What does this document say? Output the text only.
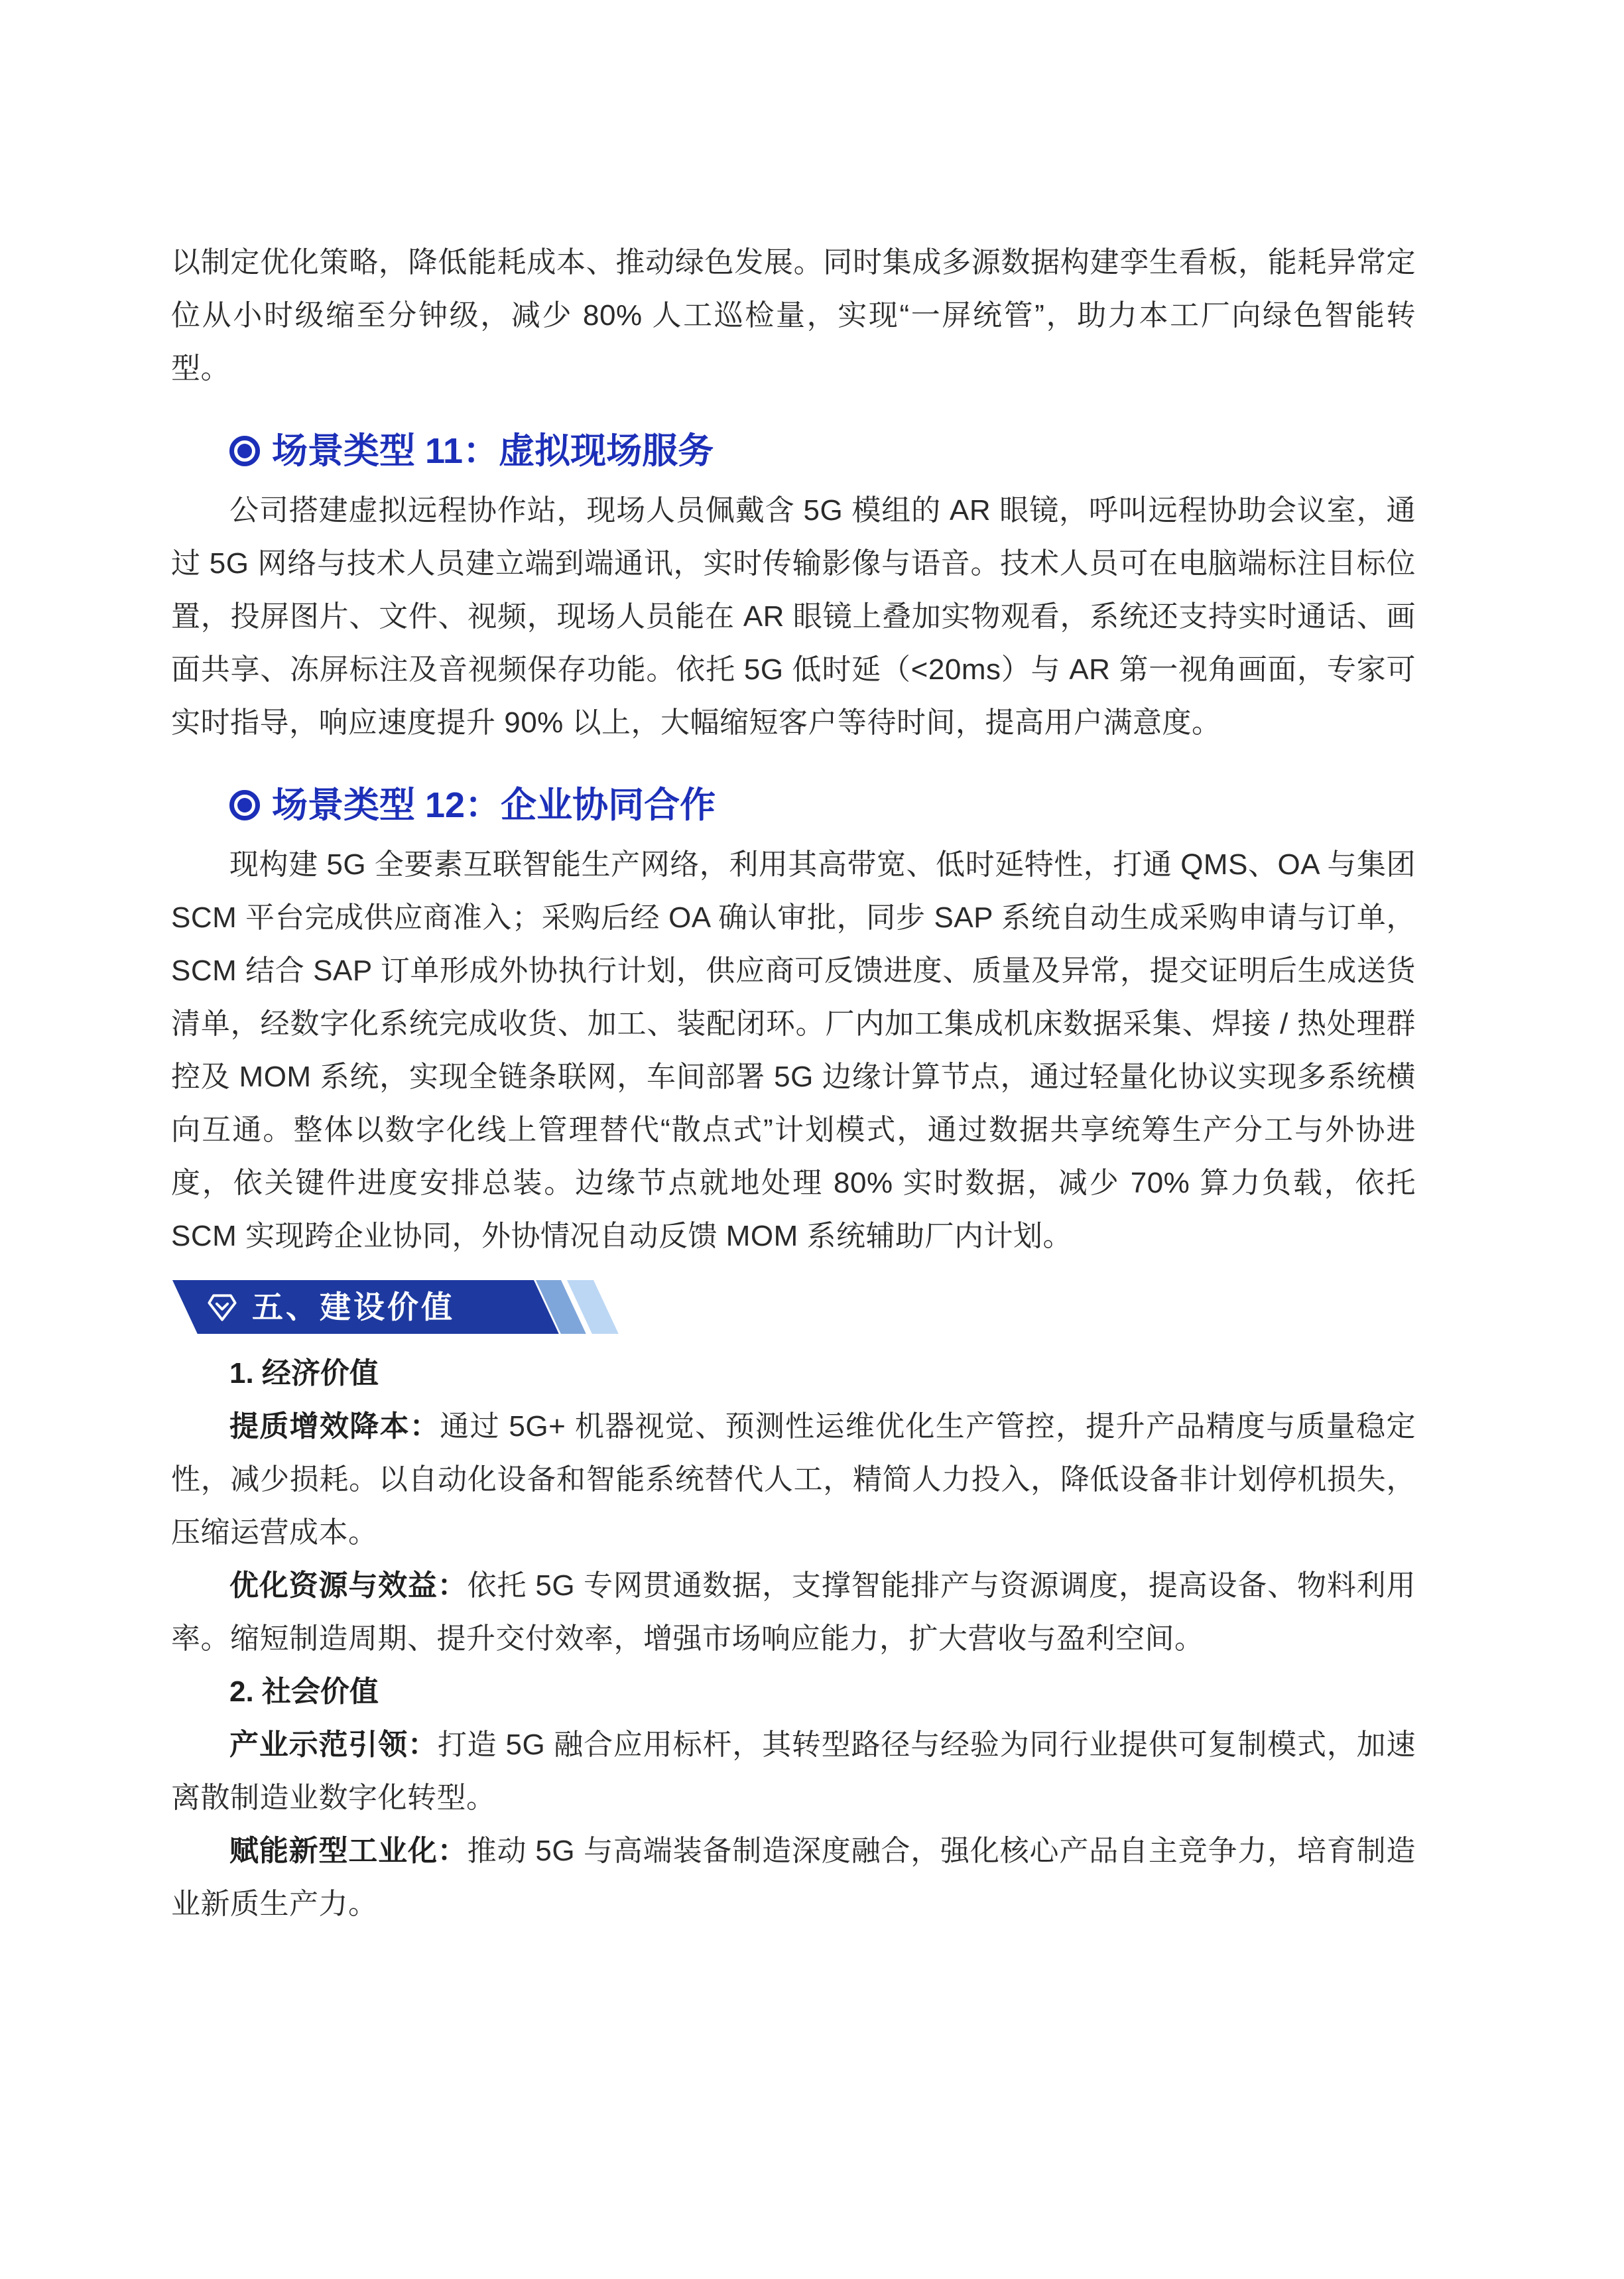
以制定优化策略，降低能耗成本、推动绿色发展。同时集成多源数据构建孪生看板，能耗异常定位从小时级缩至分钟级，减少 80% 人工巡检量，实现“一屏统管”，助力本工厂向绿色智能转型。

场景类型 11：虚拟现场服务

公司搭建虚拟远程协作站，现场人员佩戴含 5G 模组的 AR 眼镜，呼叫远程协助会议室，通过 5G 网络与技术人员建立端到端通讯，实时传输影像与语音。技术人员可在电脑端标注目标位置，投屏图片、文件、视频，现场人员能在 AR 眼镜上叠加实物观看，系统还支持实时通话、画面共享、冻屏标注及音视频保存功能。依托 5G 低时延（<20ms）与 AR 第一视角画面，专家可实时指导，响应速度提升 90% 以上，大幅缩短客户等待时间，提高用户满意度。

场景类型 12：企业协同合作

现构建 5G 全要素互联智能生产网络，利用其高带宽、低时延特性，打通 QMS、OA 与集团 SCM 平台完成供应商准入；采购后经 OA 确认审批，同步 SAP 系统自动生成采购申请与订单，SCM 结合 SAP 订单形成外协执行计划，供应商可反馈进度、质量及异常，提交证明后生成送货清单，经数字化系统完成收货、加工、装配闭环。厂内加工集成机床数据采集、焊接 / 热处理群控及 MOM 系统，实现全链条联网，车间部署 5G 边缘计算节点，通过轻量化协议实现多系统横向互通。整体以数字化线上管理替代“散点式”计划模式，通过数据共享统筹生产分工与外协进度，依关键件进度安排总装。边缘节点就地处理 80% 实时数据，减少 70% 算力负载，依托 SCM 实现跨企业协同，外协情况自动反馈 MOM 系统辅助厂内计划。

五、建设价值

1. 经济价值

提质增效降本：通过 5G+ 机器视觉、预测性运维优化生产管控，提升产品精度与质量稳定性，减少损耗。以自动化设备和智能系统替代人工，精简人力投入，降低设备非计划停机损失，压缩运营成本。

优化资源与效益：依托 5G 专网贯通数据，支撑智能排产与资源调度，提高设备、物料利用率。缩短制造周期、提升交付效率，增强市场响应能力，扩大营收与盈利空间。

2. 社会价值

产业示范引领：打造 5G 融合应用标杆，其转型路径与经验为同行业提供可复制模式，加速离散制造业数字化转型。

赋能新型工业化：推动 5G 与高端装备制造深度融合，强化核心产品自主竞争力，培育制造业新质生产力。
